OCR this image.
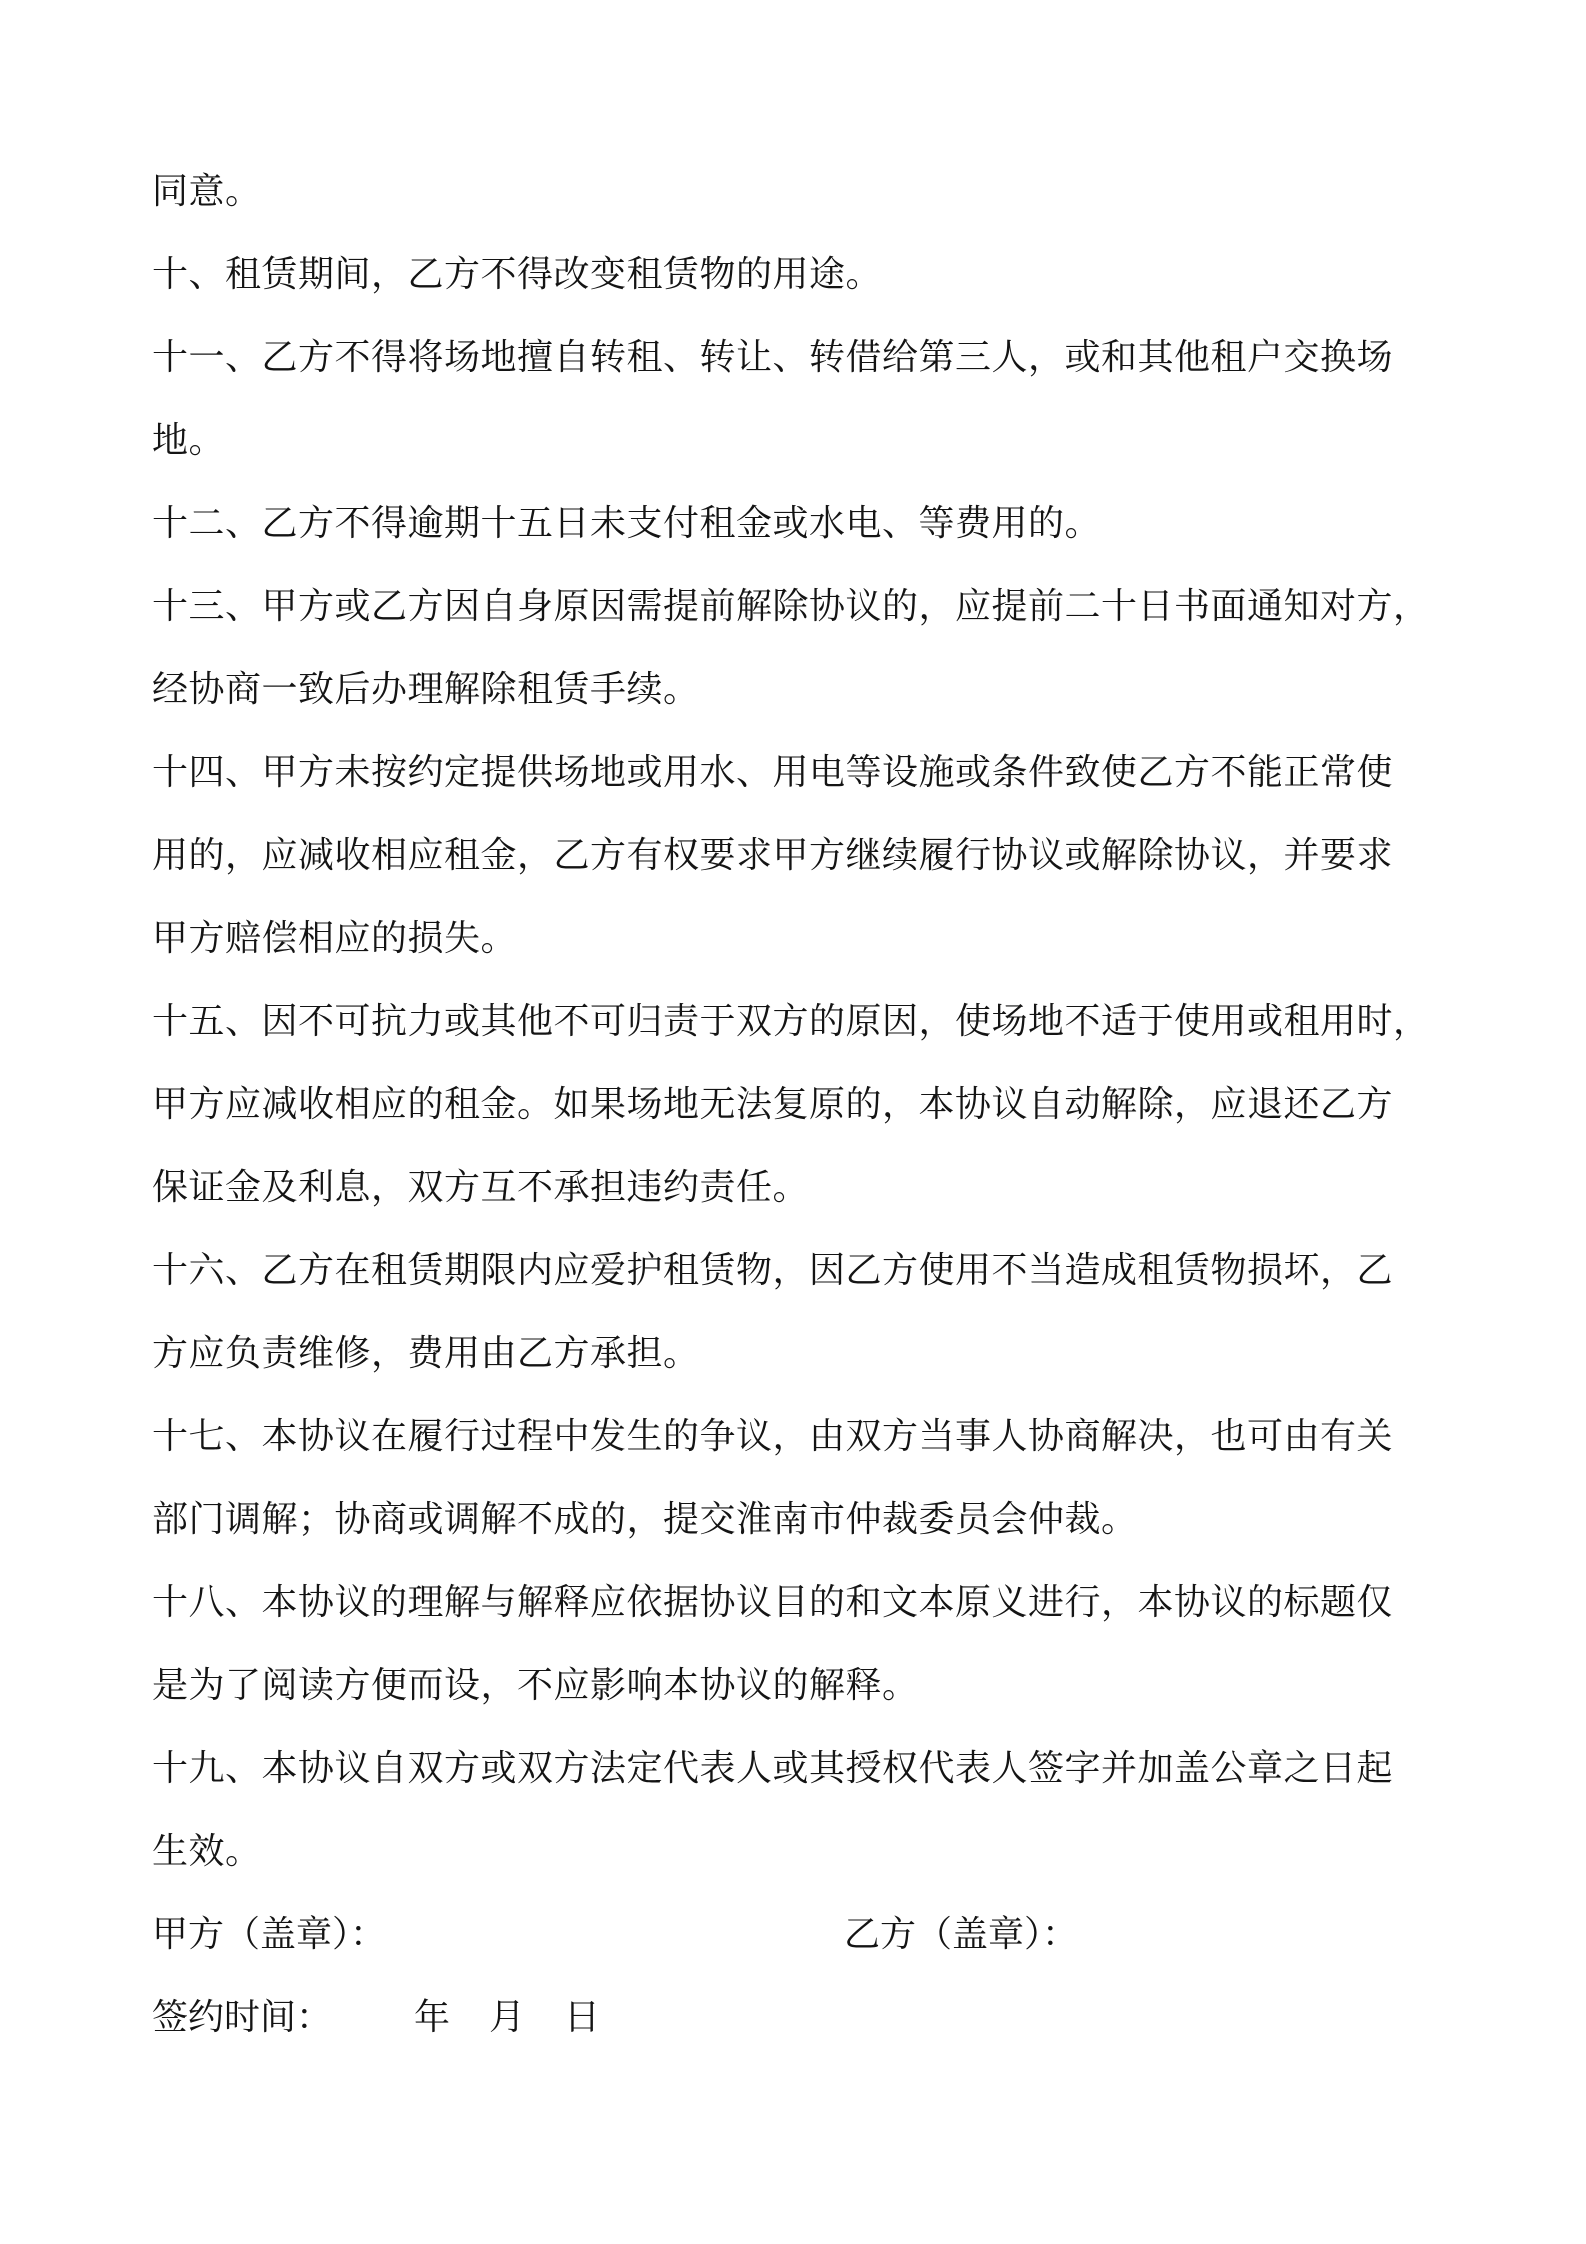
同意。
十、租赁期间，乙方不得改变租赁物的用途。
十一、乙方不得将场地擅自转租、转让、转借给第三人，或和其他租户交换场
地。
十二、乙方不得逾期十五日未支付租金或水电、等费用的。
十三、甲方或乙方因自身原因需提前解除协议的，应提前二十日书面通知对方，
经协商一致后办理解除租赁手续。
十四、甲方未按约定提供场地或用水、用电等设施或条件致使乙方不能正常使
用的，应减收相应租金，乙方有权要求甲方继续履行协议或解除协议，并要求
甲方赔偿相应的损失。
十五、因不可抗力或其他不可归责于双方的原因，使场地不适于使用或租用时，
甲方应减收相应的租金。如果场地无法复原的，本协议自动解除，应退还乙方
保证金及利息，双方互不承担违约责任。
十六、乙方在租赁期限内应爱护租赁物，因乙方使用不当造成租赁物损坏，乙
方应负责维修，费用由乙方承担。
十七、本协议在履行过程中发生的争议，由双方当事人协商解决，也可由有关
部门调解；协商或调解不成的，提交淮南市仲裁委员会仲裁。
十八、本协议的理解与解释应依据协议目的和文本原义进行，本协议的标题仅
是为了阅读方便而设，不应影响本协议的解释。
十九、本协议自双方或双方法定代表人或其授权代表人签字并加盖公章之日起
生效。
甲方（盖章）：	乙方（盖章）：
签约时间： 年 月 日
